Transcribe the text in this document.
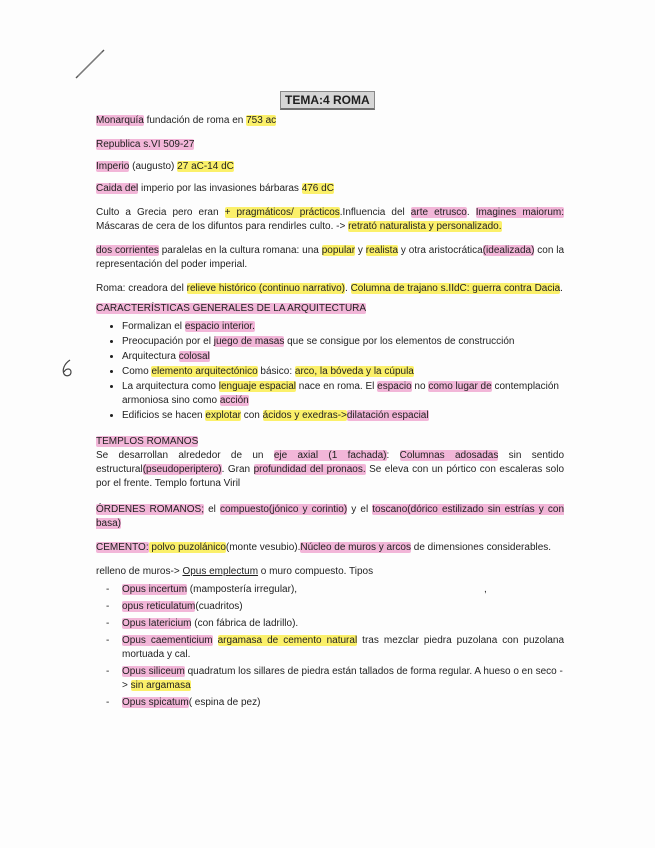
TEMA:4 ROMA
,

Monarquía fundación de roma en 753 ac

Republica s.VI 509-27

Imperio (augusto) 27 aC-14 dC

Caida del imperio por las invasiones bárbaras 476 dC

Culto a Grecia pero eran + pragmáticos/ prácticos.Influencia del arte etrusco. Imagines maiorum: Máscaras de cera de los difuntos para rendirles culto. -> retrató naturalista y personalizado.

dos corrientes paralelas en la cultura romana: una popular y realista y otra aristocrática(idealizada) con la representación del poder imperial.

Roma: creadora del relieve histórico (continuo narrativo). Columna de trajano s.IIdC: guerra contra Dacia.

CARACTERÍSTICAS GENERALES DE LA ARQUITECTURA

• Formalizan el espacio interior.
• Preocupación por el juego de masas que se consigue por los elementos de construcción
• Arquitectura colosal
• Como elemento arquitectónico básico: arco, la bóveda y la cúpula
• La arquitectura como lenguaje espacial nace en roma. El espacio no como lugar de contemplación armoniosa sino como acción
• Edificios se hacen explotar con ácidos y exedras->dilatación espacial

TEMPLOS ROMANOS

Se desarrollan alrededor de un eje axial (1 fachada): Columnas adosadas sin sentido estructural(pseudoperiptero). Gran profundidad del pronaos. Se eleva con un pórtico con escaleras solo por el frente. Templo fortuna Viril

ÓRDENES ROMANOS; el compuesto(jónico y corintio) y el toscano(dórico estilizado sin estrías y con basa)

CEMENTO: polvo puzolánico(monte vesubio).Núcleo de muros y arcos de dimensiones considerables.

relleno de muros-> Opus emplectum o muro compuesto. Tipos

- Opus incertum (mampostería irregular),
- opus reticulatum(cuadritos)
- Opus latericium (con fábrica de ladrillo).
- Opus caementicium argamasa de cemento natural tras mezclar piedra puzolana con puzolana mortuada y cal.
- Opus siliceum quadratum los sillares de piedra están tallados de forma regular. A hueso o en seco -> sin argamasa
- Opus spicatum( espina de pez)
